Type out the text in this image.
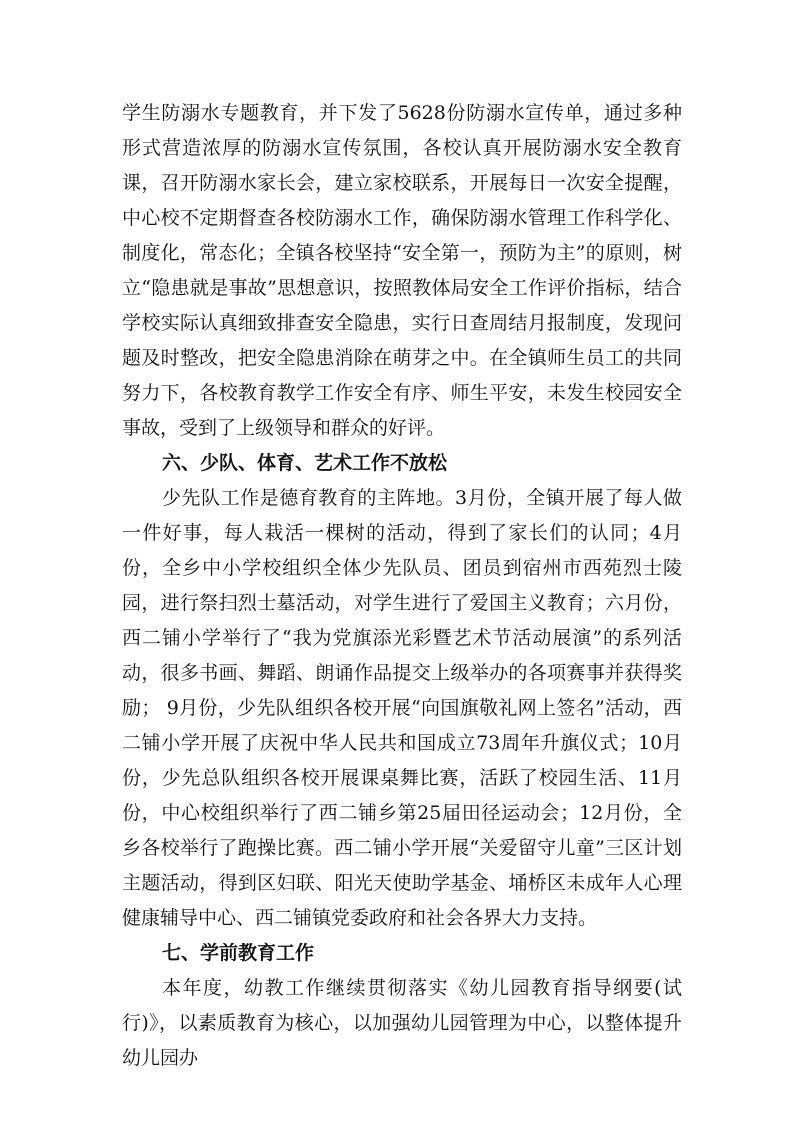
学生防溺水专题教育，并下发了5628份防溺水宣传单，通过多种形式营造浓厚的防溺水宣传氛围，各校认真开展防溺水安全教育课，召开防溺水家长会，建立家校联系，开展每日一次安全提醒，中心校不定期督查各校防溺水工作，确保防溺水管理工作科学化、制度化，常态化；全镇各校坚持“安全第一，预防为主”的原则，树立“隐患就是事故”思想意识，按照教体局安全工作评价指标，结合学校实际认真细致排查安全隐患，实行日查周结月报制度，发现问题及时整改，把安全隐患消除在萌芽之中。在全镇师生员工的共同努力下，各校教育教学工作安全有序、师生平安，未发生校园安全事故，受到了上级领导和群众的好评。

六、少队、体育、艺术工作不放松

少先队工作是德育教育的主阵地。3月份，全镇开展了每人做一件好事，每人栽活一棵树的活动，得到了家长们的认同；4月份，全乡中小学校组织全体少先队员、团员到宿州市西苑烈士陵园，进行祭扫烈士墓活动，对学生进行了爱国主义教育；六月份，西二铺小学举行了“我为党旗添光彩暨艺术节活动展演”的系列活动，很多书画、舞蹈、朗诵作品提交上级举办的各项赛事并获得奖励； 9月份，少先队组织各校开展“向国旗敬礼网上签名”活动，西二铺小学开展了庆祝中华人民共和国成立73周年升旗仪式；10月份，少先总队组织各校开展课桌舞比赛，活跃了校园生活、11月份，中心校组织举行了西二铺乡第25届田径运动会；12月份，全乡各校举行了跑操比赛。西二铺小学开展“关爱留守儿童”三区计划主题活动，得到区妇联、阳光天使助学基金、埇桥区未成年人心理健康辅导中心、西二铺镇党委政府和社会各界大力支持。

七、学前教育工作

本年度，幼教工作继续贯彻落实《幼儿园教育指导纲要(试行)》，以素质教育为核心，以加强幼儿园管理为中心，以整体提升幼儿园办
